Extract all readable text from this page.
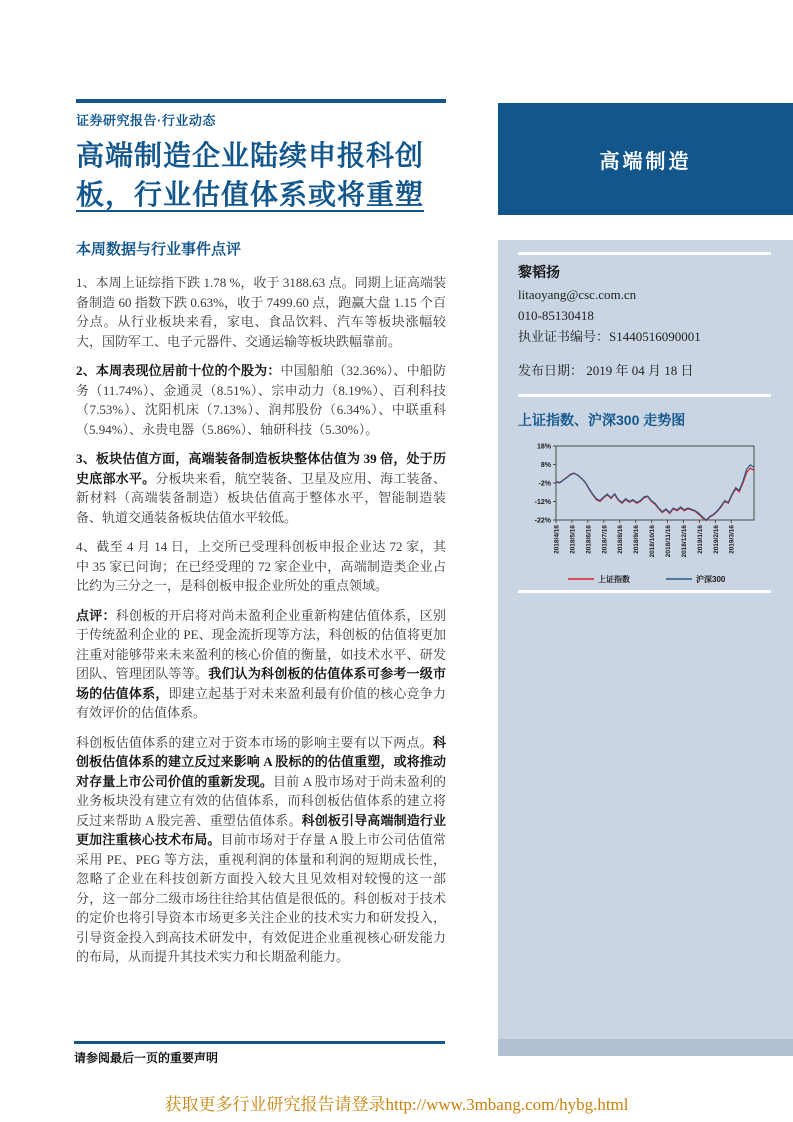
证券研究报告·行业动态
高端制造企业陆续申报科创
板，行业估值体系或将重塑
本周数据与行业事件点评

1、本周上证综指下跌 1.78 %，收于 3188.63 点。同期上证高端装备制造 60 指数下跌 0.63%，收于 7499.60 点，跑赢大盘 1.15 个百分点。从行业板块来看，家电、食品饮料、汽车等板块涨幅较大，国防军工、电子元器件、交通运输等板块跌幅靠前。

2、本周表现位居前十位的个股为：中国船舶（32.36%）、中船防务（11.74%）、金通灵（8.51%）、宗申动力（8.19%）、百利科技（7.53%）、沈阳机床（7.13%）、润邦股份（6.34%）、中联重科（5.94%）、永贵电器（5.86%）、轴研科技（5.30%）。

3、板块估值方面，高端装备制造板块整体估值为 39 倍，处于历史底部水平。分板块来看，航空装备、卫星及应用、海工装备、新材料（高端装备制造）板块估值高于整体水平，智能制造装备、轨道交通装备板块估值水平较低。

4、截至 4 月 14 日，上交所已受理科创板申报企业达 72 家，其中 35 家已问询；在已经受理的 72 家企业中，高端制造类企业占比约为三分之一，是科创板申报企业所处的重点领域。

点评：科创板的开启将对尚未盈利企业重新构建估值体系，区别于传统盈利企业的 PE、现金流折现等方法，科创板的估值将更加注重对能够带来未来盈利的核心价值的衡量，如技术水平、研发团队、管理团队等等。我们认为科创板的估值体系可参考一级市场的估值体系，即建立起基于对未来盈利最有价值的核心竞争力有效评价的估值体系。

科创板估值体系的建立对于资本市场的影响主要有以下两点。科创板估值体系的建立反过来影响 A 股标的的估值重塑，或将推动对存量上市公司价值的重新发现。目前 A 股市场对于尚未盈利的业务板块没有建立有效的估值体系，而科创板估值体系的建立将反过来帮助 A 股完善、重塑估值体系。科创板引导高端制造行业更加注重核心技术布局。目前市场对于存量 A 股上市公司估值常采用 PE、PEG 等方法，重视利润的体量和利润的短期成长性，忽略了企业在科技创新方面投入较大且见效相对较慢的这一部分，这一部分二级市场往往给其估值是很低的。科创板对于技术的定价也将引导资本市场更多关注企业的技术实力和研发投入，引导资金投入到高技术研发中，有效促进企业重视核心研发能力的布局，从而提升其技术实力和长期盈利能力。

高端制造
黎韬扬
litaoyang@csc.com.cn
010-85130418
执业证书编号：S1440516090001
发布日期： 2019 年 04 月 18 日
上证指数、沪深300 走势图
18%
8%
-2%
-12%
-22%
2018/4/16 2018/5/16 2018/6/16 2018/7/16 2018/8/16 2018/9/16 2018/10/16 2018/11/16 2018/12/16 2019/1/16 2019/2/16 2019/3/16
上证指数	沪深300
请参阅最后一页的重要声明
获取更多行业研究报告请登录http://www.3mbang.com/hybg.html
